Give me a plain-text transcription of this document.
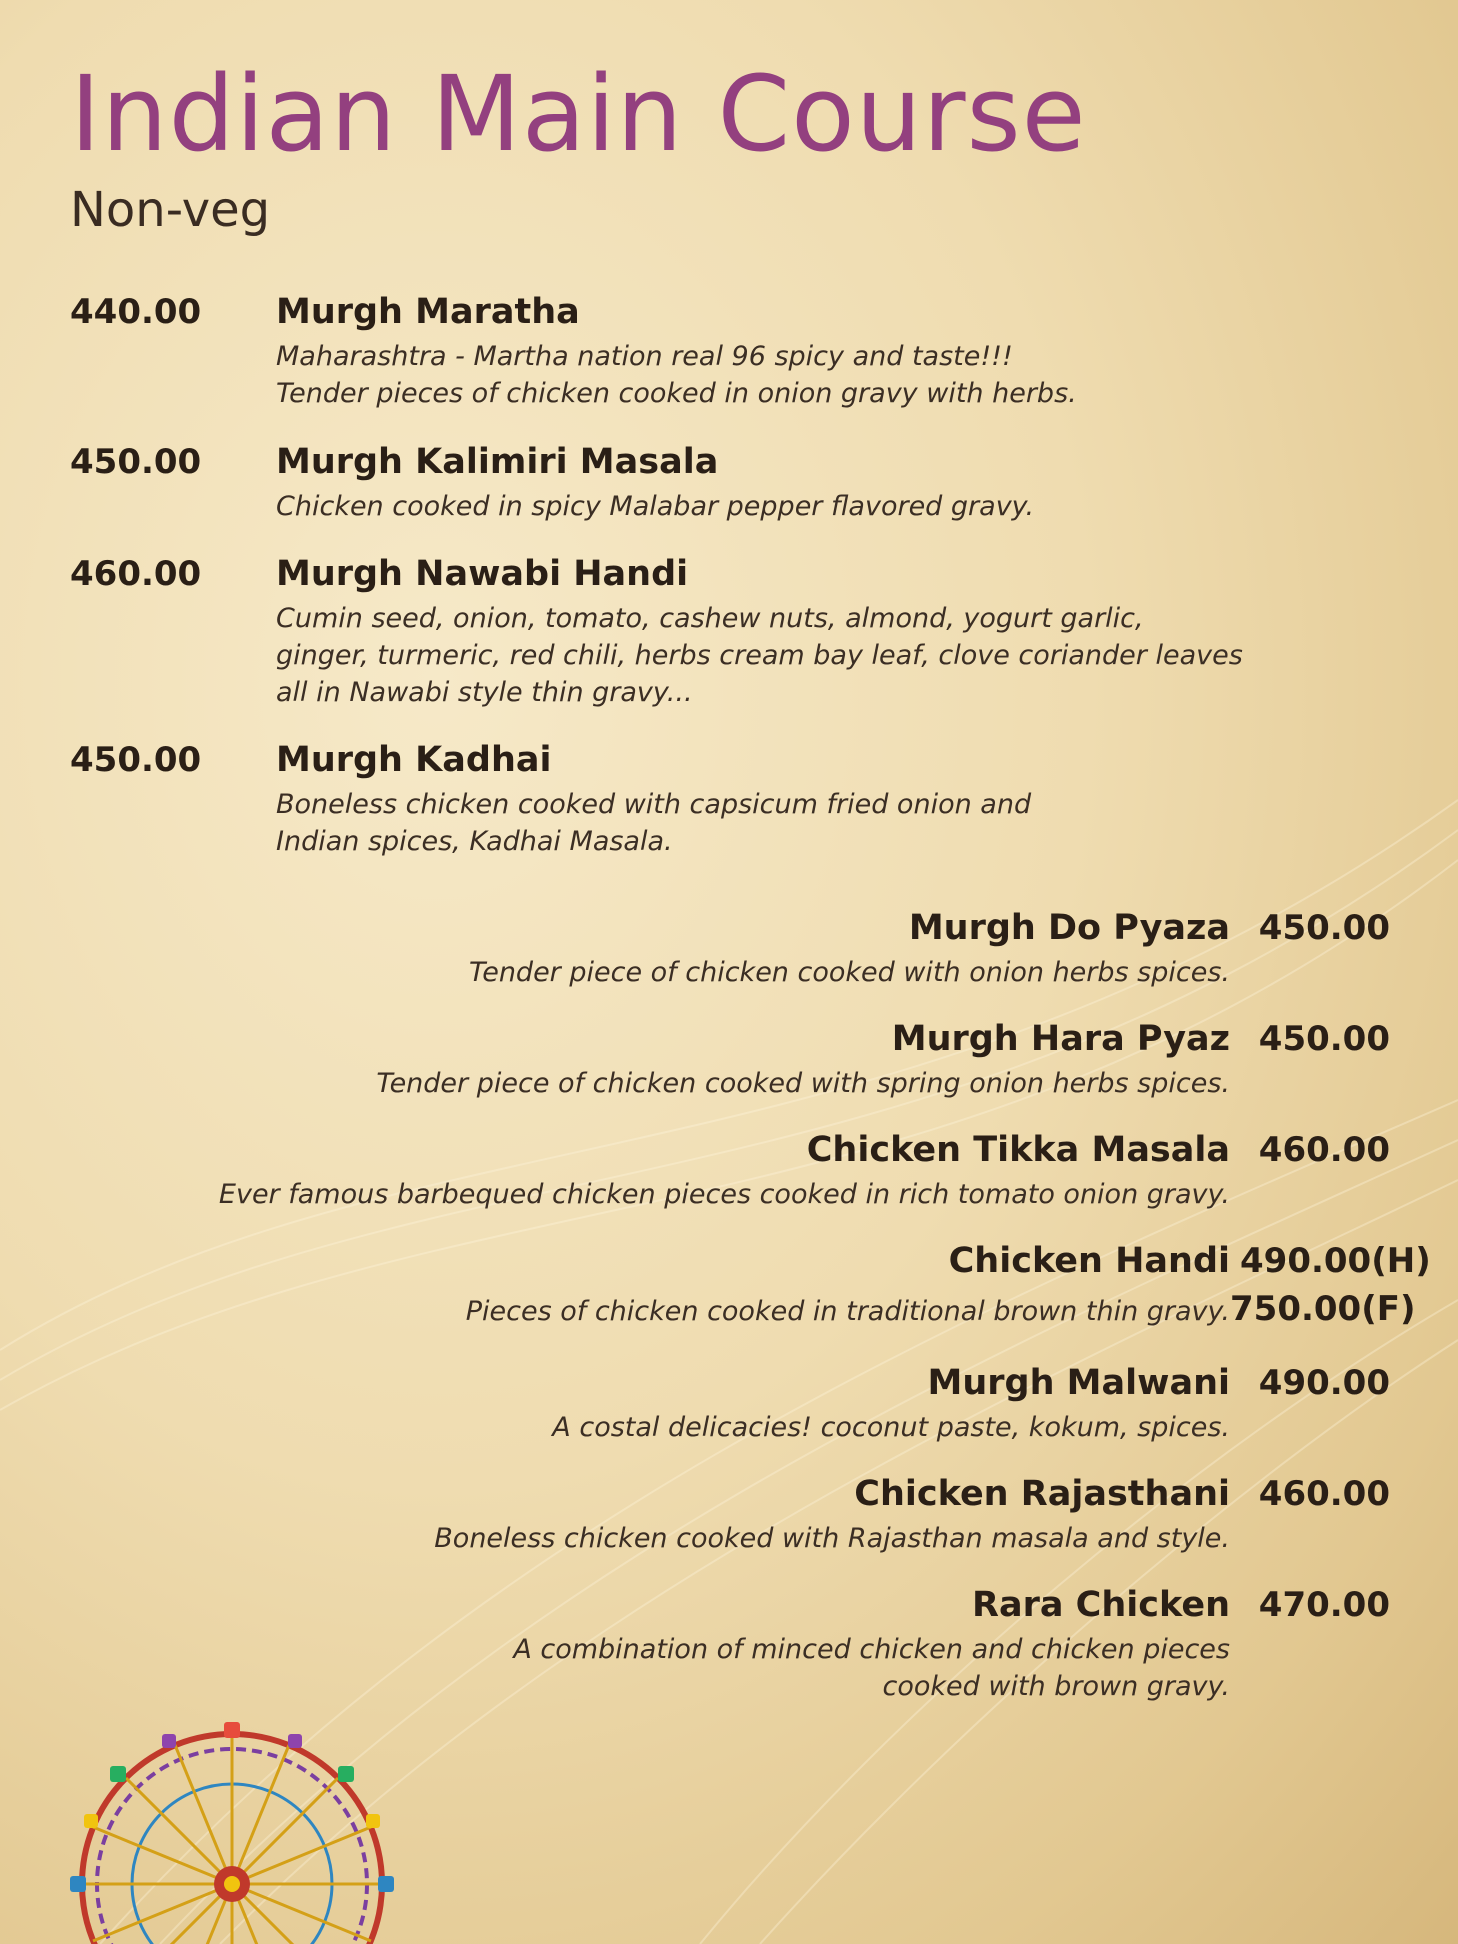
Indian Main Course
Non-veg
440.00	Murgh Maratha
Maharashtra - Martha nation real 96 spicy and taste!!!
Tender pieces of chicken cooked in onion gravy with herbs.
450.00	Murgh Kalimiri Masala
Chicken cooked in spicy Malabar pepper flavored gravy.
460.00	Murgh Nawabi Handi
Cumin seed, onion, tomato, cashew nuts, almond, yogurt garlic,
ginger, turmeric, red chili, herbs cream bay leaf, clove coriander leaves
all in Nawabi style thin gravy...
450.00	Murgh Kadhai
Boneless chicken cooked with capsicum fried onion and
Indian spices, Kadhai Masala.
Murgh Do Pyaza 450.00
Tender piece of chicken cooked with onion herbs spices.
Murgh Hara Pyaz 450.00
Tender piece of chicken cooked with spring onion herbs spices.
Chicken Tikka Masala 460.00
Ever famous barbequed chicken pieces cooked in rich tomato onion gravy.
Chicken Handi 490.00(H)
750.00(F)
Pieces of chicken cooked in traditional brown thin gravy.
Murgh Malwani 490.00
A costal delicacies! coconut paste, kokum, spices.
Chicken Rajasthani 460.00
Boneless chicken cooked with Rajasthan masala and style.
Rara Chicken 470.00
A combination of minced chicken and chicken pieces
cooked with brown gravy.
